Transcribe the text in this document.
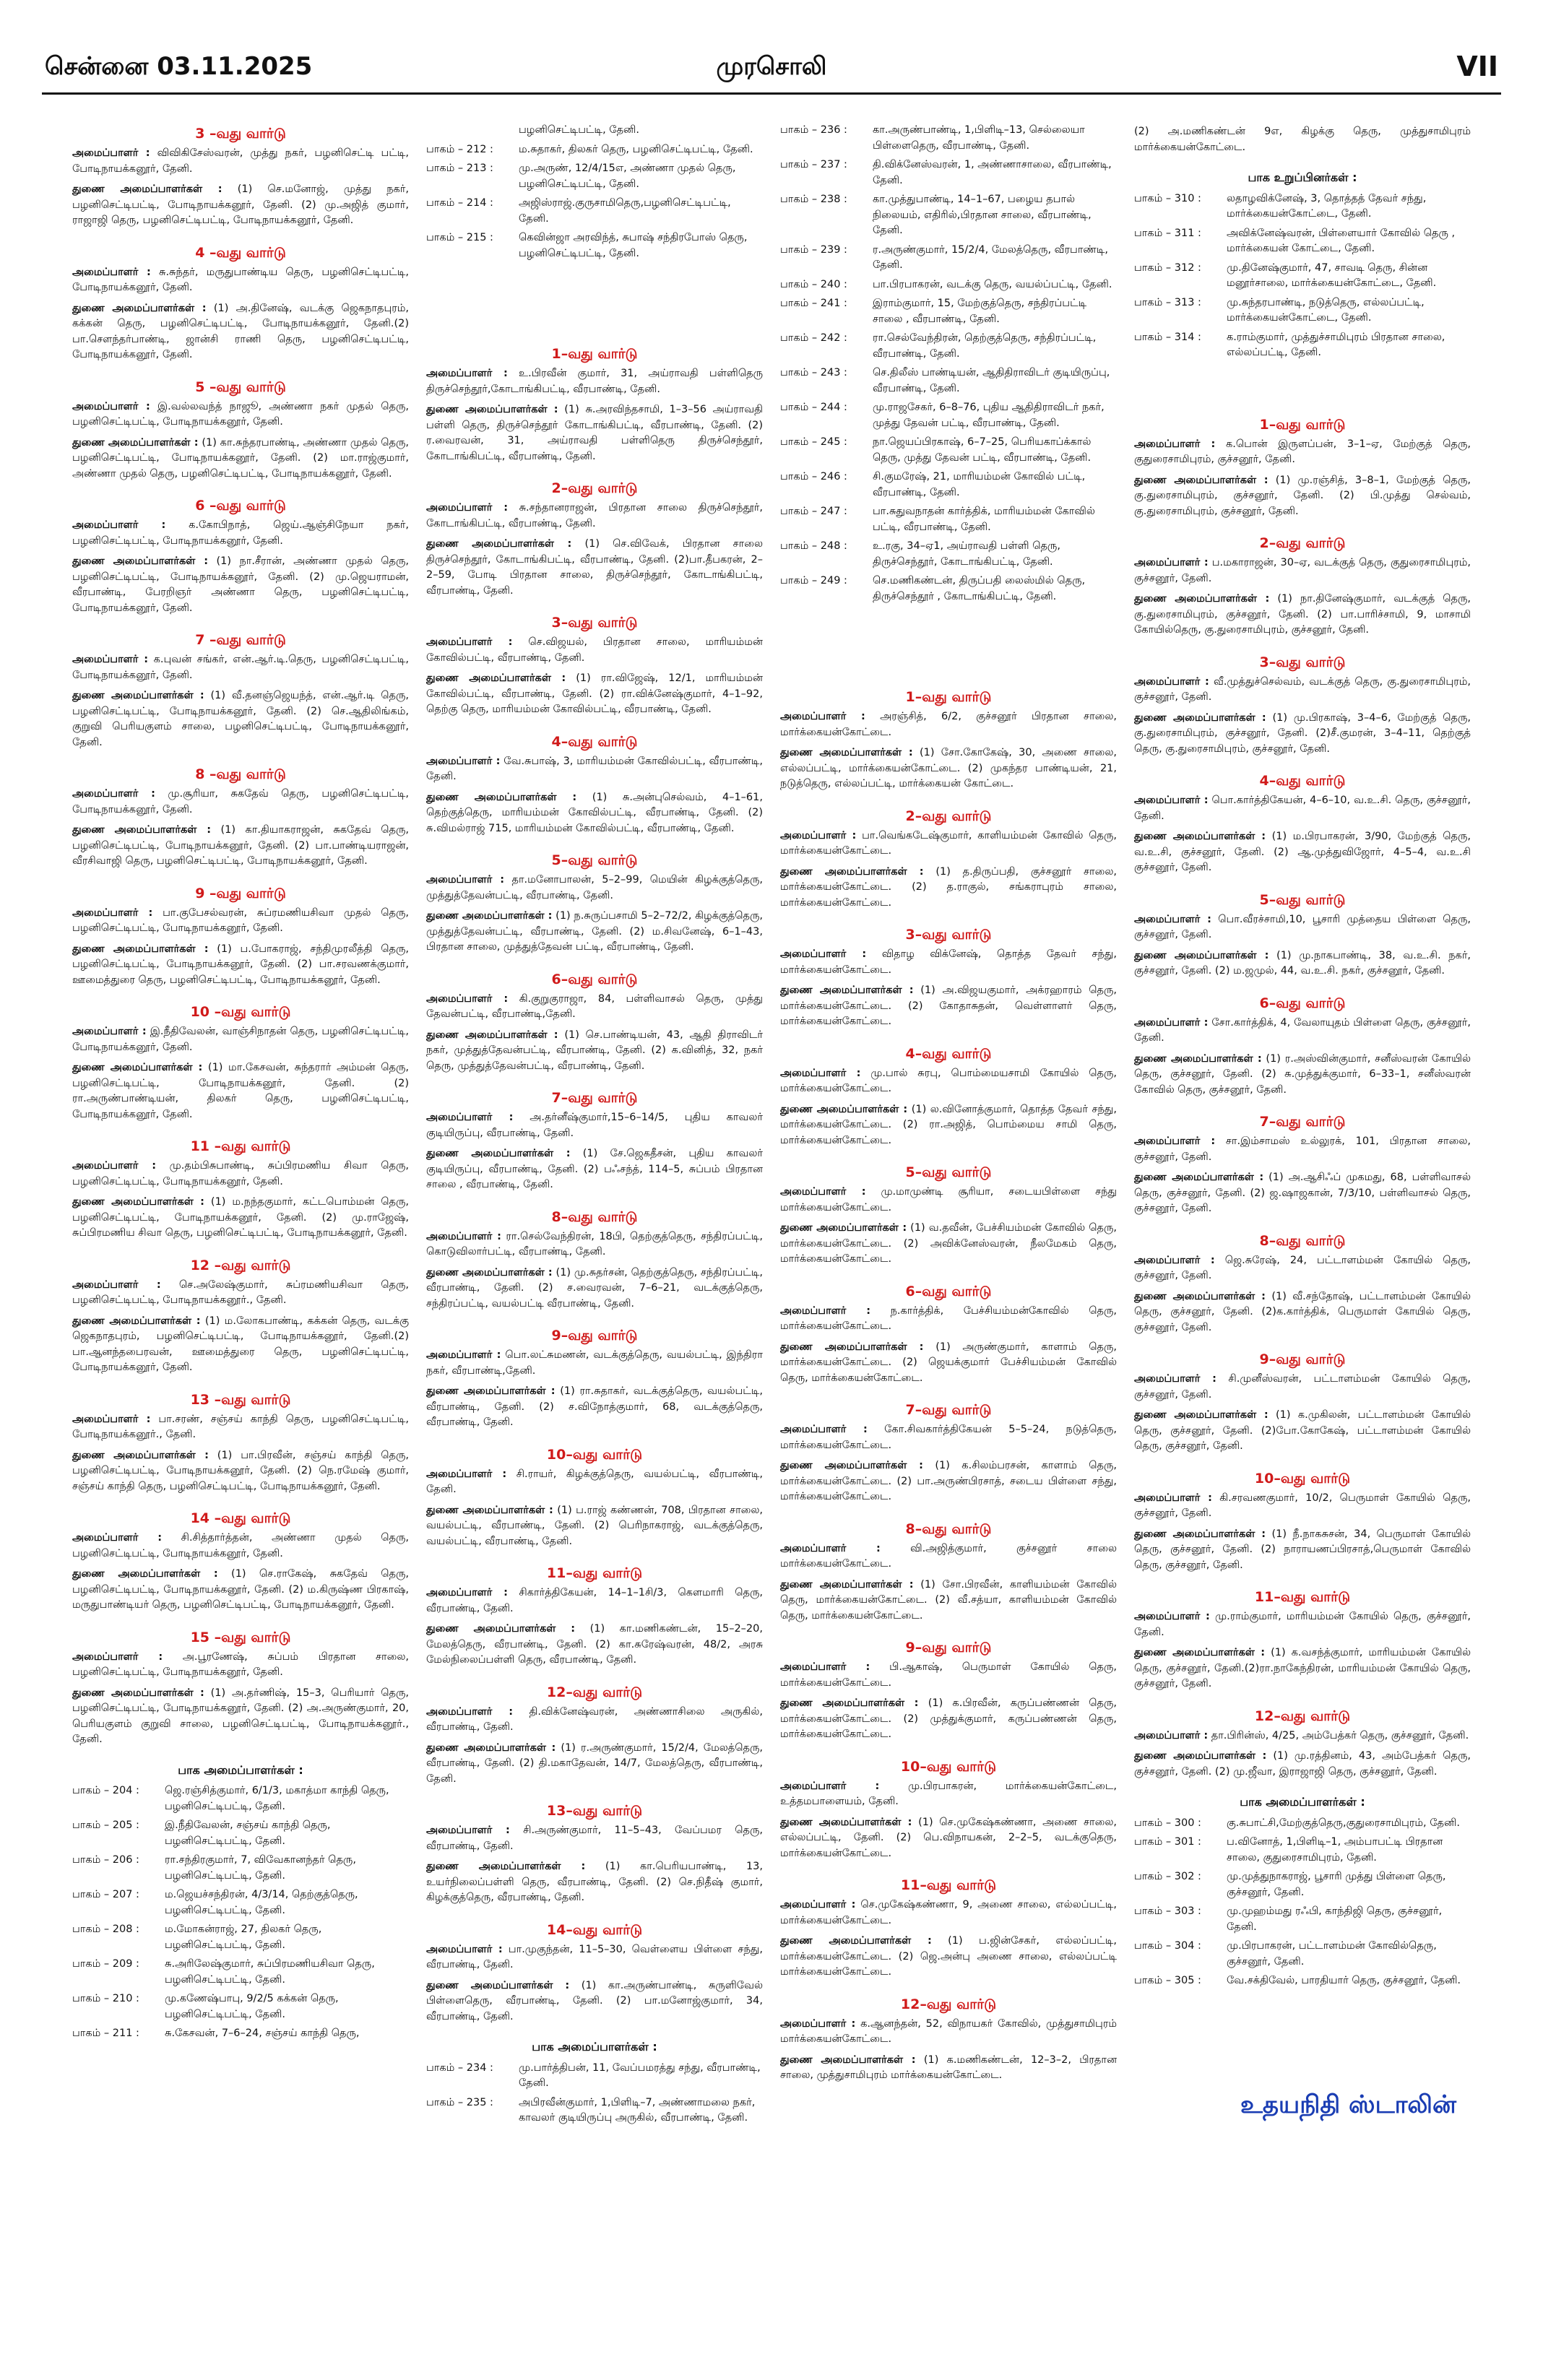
சென்னை 03.11.2025	முரசொலி	VII
3 –வது வார்டு
அமைப்பாளர் : விவிகிசேஸ்வரன், முத்து நகர், பழனிசெட்டி பட்டி, போடிநாயக்கனூர், தேனி.
துணை அமைப்பாளர்கள் : (1) செ.மனோஜ், முத்து நகர், பழனிசெட்டிபட்டி, போடிநாயக்கனூர், தேனி. (2) மு.அஜித் குமார், ராஜாஜி தெரு, பழனிசெட்டிபட்டி, போடிநாயக்கனூர், தேனி.
4 –வது வார்டு
அமைப்பாளர் : சு.சுந்தர், மருதுபாண்டிய தெரு, பழனிசெட்டிபட்டி, போடிநாயக்கனூர், தேனி.
துணை அமைப்பாளர்கள் : (1) அ.தினேஷ், வடக்கு ஜெகநாதபுரம், கக்கன் தெரு, பழனிசெட்டிபட்டி, போடிநாயக்கனூர், தேனி.(2) பா.செளந்தர்பாண்டி, ஜான்சி ராணி தெரு, பழனிசெட்டிபட்டி, போடிநாயக்கனூர், தேனி.
5 –வது வார்டு
அமைப்பாளர் : இ.வல்லவந்த் நாஜூ, அண்ணா நகர் முதல் தெரு, பழனிசெட்டிபட்டி, போடிநாயக்கனூர், தேனி.
துணை அமைப்பாளர்கள் : (1) கா.சுந்தரபாண்டி, அண்ணா முதல் தெரு, பழனிசெட்டிபட்டி, போடிநாயக்கனூர், தேனி. (2) மா.ராஜ்குமார், அண்ணா முதல் தெரு, பழனிசெட்டிபட்டி, போடிநாயக்கனூர், தேனி.
6 –வது வார்டு
அமைப்பாளர் : க.கோபிநாத், ஜெய்.ஆஞ்சிநேயா நகர், பழனிசெட்டிபட்டி, போடிநாயக்கனூர், தேனி.
துணை அமைப்பாளர்கள் : (1) நா.சீரான், அண்ணா முதல் தெரு, பழனிசெட்டிபட்டி, போடிநாயக்கனூர், தேனி. (2) மு.ஜெயராமன், வீரபாண்டி, பேரறிஞர் அண்ணா தெரு, பழனிசெட்டிபட்டி, போடிநாயக்கனூர், தேனி.
7 –வது வார்டு
அமைப்பாளர் : க.புவன் சங்கர், என்.ஆர்.டி.தெரு, பழனிசெட்டிபட்டி, போடிநாயக்கனூர், தேனி.
துணை அமைப்பாளர்கள் : (1) வீ.தனஞ்ஜெயந்த், என்.ஆர்.டி தெரு, பழனிசெட்டிபட்டி, போடிநாயக்கனூர், தேனி. (2) செ.ஆதிலிங்கம், குறுவி பெரியகுளம் சாலை, பழனிசெட்டிபட்டி, போடிநாயக்கனூர், தேனி.
8 –வது வார்டு
அமைப்பாளர் : மு.சூரியா, சுகதேவ் தெரு, பழனிசெட்டிபட்டி, போடிநாயக்கனூர், தேனி.
துணை அமைப்பாளர்கள் : (1) கா.தியாகராஜன், சுகதேவ் தெரு, பழனிசெட்டிபட்டி, போடிநாயக்கனூர், தேனி. (2) பா.பாண்டியராஜன், வீரசிவாஜி தெரு, பழனிசெட்டிபட்டி, போடிநாயக்கனூர், தேனி.
9 –வது வார்டு
அமைப்பாளர் : பா.குபேசல்வரன், சுப்ரமணியசிவா முதல் தெரு, பழனிசெட்டிபட்டி, போடிநாயக்கனூர், தேனி.
துணை அமைப்பாளர்கள் : (1) ப.போகராஜ், சந்திமுரலீத்தி தெரு, பழனிசெட்டிபட்டி, போடிநாயக்கனூர், தேனி. (2) பா.சரவணக்குமார், ஊமைத்துரை தெரு, பழனிசெட்டிபட்டி, போடிநாயக்கனூர், தேனி.
10 –வது வார்டு
அமைப்பாளர் : இ.நீதிவேலன், வாஞ்சிநாதன் தெரு, பழனிசெட்டிபட்டி, போடிநாயக்கனூர், தேனி.
துணை அமைப்பாளர்கள் : (1) மா.கேசவன், சுந்தரார் அம்மன் தெரு, பழனிசெட்டிபட்டி, போடிநாயக்கனூர், தேனி. (2) ரா.அருண்பாண்டியன், திலகர் தெரு, பழனிசெட்டிபட்டி, போடிநாயக்கனூர், தேனி.
11 –வது வார்டு
அமைப்பாளர் : மு.தம்பிசுபாண்டி, சுப்பிரமணிய சிவா தெரு, பழனிசெட்டிபட்டி, போடிநாயக்கனூர், தேனி.
துணை அமைப்பாளர்கள் : (1) ம.நந்தகுமார், கட்டபொம்மன் தெரு, பழனிசெட்டிபட்டி, போடிநாயக்கனூர், தேனி. (2) மு.ராஜேஷ், சுப்பிரமணிய சிவா தெரு, பழனிசெட்டிபட்டி, போடிநாயக்கனூர், தேனி.
12 –வது வார்டு
அமைப்பாளர் : செ.அலேஷ்குமார், சுப்ரமணியசிவா தெரு, பழனிசெட்டிபட்டி, போடிநாயக்கனூர்., தேனி.
துணை அமைப்பாளர்கள் : (1) ம.லோகபாண்டி, கக்கன் தெரு, வடக்கு ஜெகநாதபுரம், பழனிசெட்டிபட்டி, போடிநாயக்கனூர், தேனி.(2) பா.ஆனந்தபைரவன், ஊமைத்துரை தெரு, பழனிசெட்டிபட்டி, போடிநாயக்கனூர், தேனி.
13 –வது வார்டு
அமைப்பாளர் : பா.சரண், சஞ்சய் காந்தி தெரு, பழனிசெட்டிபட்டி, போடிநாயக்கனூர்., தேனி.
துணை அமைப்பாளர்கள் : (1) பா.பிரவீன், சஞ்சய் காந்தி தெரு, பழனிசெட்டிபட்டி, போடிநாயக்கனூர், தேனி. (2) நெ.ரமேஷ் குமார், சஞ்சய் காந்தி தெரு, பழனிசெட்டிபட்டி, போடிநாயக்கனூர், தேனி.
14 –வது வார்டு
அமைப்பாளர் : சி.சித்தார்த்தன், அண்ணா முதல் தெரு, பழனிசெட்டிபட்டி, போடிநாயக்கனூர், தேனி.
துணை அமைப்பாளர்கள் : (1) செ.ராகேஷ், சுகதேவ் தெரு, பழனிசெட்டிபட்டி, போடிநாயக்கனூர், தேனி. (2) ம.கிருஷ்ண பிரகாஷ், மருதுபாண்டியர் தெரு, பழனிசெட்டிபட்டி, போடிநாயக்கனூர், தேனி.
15 –வது வார்டு
அமைப்பாளர் : அ.பூரணேஷ், சுப்பம் பிரதான சாலை, பழனிசெட்டிபட்டி, போடிநாயக்கனூர், தேனி.
துணை அமைப்பாளர்கள் : (1) அ.தர்ணிஷ், 15–3, பெரியார் தெரு, பழனிசெட்டிபட்டி, போடிநாயக்கனூர், தேனி. (2) அ.அருண்குமார், 20, பெரியகுளம் குறுவி சாலை, பழனிசெட்டிபட்டி, போடிநாயக்கனூர்., தேனி.
பாக அமைப்பாளர்கள் :
பாகம் – 204 :	ஜெ.ரஞ்சித்குமார், 6/1/3, மகாத்மா காந்தி தெரு, பழனிசெட்டிபட்டி, தேனி.
பாகம் – 205 :	இ.நீதிவேலன், சஞ்சய் காந்தி தெரு, பழனிசெட்டிபட்டி, தேனி.
பாகம் – 206 :	ரா.சந்திரகுமார், 7, விவேகானந்தர் தெரு, பழனிசெட்டிபட்டி, தேனி.
பாகம் – 207 :	ம.ஜெயச்சந்திரன், 4/3/14, தெற்குத்தெரு, பழனிசெட்டிபட்டி, தேனி.
பாகம் – 208 :	ம.மோகன்ராஜ், 27, திலகர் தெரு, பழனிசெட்டிபட்டி, தேனி.
பாகம் – 209 :	சு.அரிலேஷ்குமார், சுப்பிரமணியசிவா தெரு, பழனிசெட்டிபட்டி, தேனி.
பாகம் – 210 :	மு.கணேஷ்பாபு, 9/2/5 கக்கன் தெரு, பழனிசெட்டிபட்டி, தேனி.
பாகம் – 211 :	சு.கேசவன், 7–6–24, சஞ்சய் காந்தி தெரு,
பழனிசெட்டிபட்டி, தேனி.
பாகம் – 212 :	ம.சுதாகர், திலகர் தெரு, பழனிசெட்டிபட்டி, தேனி.
பாகம் – 213 :	மு.அருண், 12/4/15எ, அண்ணா முதல் தெரு, பழனிசெட்டிபட்டி, தேனி.
பாகம் – 214 :	அஜிஸ்ராஜ்.குருசாமிதெரு,பழனிசெட்டிபட்டி, தேனி.
பாகம் – 215 :	கெவின்ஜா அரவிந்த், சுபாஷ் சந்திரபோஸ் தெரு, பழனிசெட்டிபட்டி, தேனி.
1–வது வார்டு
அமைப்பாளர் : உ.பிரவீன் குமார், 31, அய்ராவதி பள்ளிதெரு திருச்செந்தூர்,கோடாங்கிபட்டி, வீரபாண்டி, தேனி.
துணை அமைப்பாளர்கள் : (1) சு.அரவிந்தசாமி, 1–3–56 அய்ராவதி பள்ளி தெரு, திருச்செந்தூர் கோடாங்கிபட்டி, வீரபாண்டி, தேனி. (2) ர.வைரவன், 31, அய்ராவதி பள்ளிதெரு திருச்செந்தூர், கோடாங்கிபட்டி, வீரபாண்டி, தேனி.
2–வது வார்டு
அமைப்பாளர் : சு.சந்தானராஜன், பிரதான சாலை திருச்செந்தூர், கோடாங்கிபட்டி, வீரபாண்டி, தேனி.
துணை அமைப்பாளர்கள் : (1) செ.விவேக், பிரதான சாலை திருச்செந்தூர், கோடாங்கிபட்டி, வீரபாண்டி, தேனி. (2)பா.தீபகரன், 2–2–59, போடி பிரதான சாலை, திருச்செந்தூர், கோடாங்கிபட்டி, வீரபாண்டி, தேனி.
3–வது வார்டு
அமைப்பாளர் : செ.விஜயல், பிரதான சாலை, மாரியம்மன் கோவில்பட்டி, வீரபாண்டி, தேனி.
துணை அமைப்பாளர்கள் : (1) ரா.விஜேஷ், 12/1, மாரியம்மன் கோவில்பட்டி, வீரபாண்டி, தேனி. (2) ரா.விக்னேஷ்குமார், 4–1–92, தெற்கு தெரு, மாரியம்மன் கோவில்பட்டி, வீரபாண்டி, தேனி.
4–வது வார்டு
அமைப்பாளர் : வே.சுபாஷ், 3, மாரியம்மன் கோவில்பட்டி, வீரபாண்டி, தேனி.
துணை அமைப்பாளர்கள் : (1) சு.அன்புசெல்வம், 4–1–61, தெற்குத்தெரு, மாரியம்மன் கோவில்பட்டி, வீரபாண்டி, தேனி. (2) சு.விமல்ராஜ் 715, மாரியம்மன் கோவில்பட்டி, வீரபாண்டி, தேனி.
5–வது வார்டு
அமைப்பாளர் : தா.மனோபாலன், 5–2–99, மெயின் கிழக்குத்தெரு, முத்துத்தேவன்பட்டி, வீரபாண்டி, தேனி.
துணை அமைப்பாளர்கள் : (1) ந.சுருப்பசாமி 5–2–72/2, கிழக்குத்தெரு, முத்துத்தேவன்பட்டி, வீரபாண்டி, தேனி. (2) ம.சிவனேஷ், 6–1–43, பிரதான சாலை, முத்துத்தேவன் பட்டி, வீரபாண்டி, தேனி.
6–வது வார்டு
அமைப்பாளர் : கி.குறுகுராஜா, 84, பள்ளிவாசல் தெரு, முத்து தேவன்பட்டி, வீரபாண்டி,தேனி.
துணை அமைப்பாளர்கள் : (1) செ.பாண்டியன், 43, ஆதி திராவிடர் நகர், முத்துத்தேவன்பட்டி, வீரபாண்டி, தேனி. (2) க.வினித், 32, நகர் தெரு, முத்துத்தேவன்பட்டி, வீரபாண்டி, தேனி.
7–வது வார்டு
அமைப்பாளர் : அ.தர்னீஷ்குமார்,15–6–14/5, புதிய காவலர் குடியிருப்பு, வீரபாண்டி, தேனி.
துணை அமைப்பாளர்கள் : (1) சே.ஜெகதீசன், புதிய காவலர் குடியிருப்பு, வீரபாண்டி, தேனி. (2) பஃசந்த், 114–5, சுப்பம் பிரதான சாலை , வீரபாண்டி, தேனி.
8–வது வார்டு
அமைப்பாளர் : ரா.செல்வேந்திரன், 18பி, தெற்குத்தெரு, சந்திரப்பட்டி, கொடுவிலார்பட்டி, வீரபாண்டி, தேனி.
துணை அமைப்பாளர்கள் : (1) மு.சுதர்சன், தெற்குத்தெரு, சந்திரப்பட்டி, வீரபாண்டி, தேனி. (2) ச.வைரவன், 7–6–21, வடக்குத்தெரு, சந்திரப்பட்டி, வயல்பட்டி வீரபாண்டி, தேனி.
9–வது வார்டு
அமைப்பாளர் : பொ.லட்சுமணன், வடக்குத்தெரு, வயல்பட்டி, இந்திரா நகர், வீரபாண்டி,தேனி.
துணை அமைப்பாளர்கள் : (1) ரா.சுதாகர், வடக்குத்தெரு, வயல்பட்டி, வீரபாண்டி, தேனி. (2) ச.விநோத்குமார், 68, வடக்குத்தெரு, வீரபாண்டி, தேனி.
10–வது வார்டு
அமைப்பாளர் : சி.ராயர், கிழக்குத்தெரு, வயல்பட்டி, வீரபாண்டி, தேனி.
துணை அமைப்பாளர்கள் : (1) ப.ராஜ் கண்ணன், 708, பிரதான சாலை, வயல்பட்டி, வீரபாண்டி, தேனி. (2) பெரிநாகராஜ், வடக்குத்தெரு, வயல்பட்டி, வீரபாண்டி, தேனி.
11–வது வார்டு
அமைப்பாளர் : சிகார்த்திகேயன், 14–1–1சி/3, கௌமாரி தெரு, வீரபாண்டி, தேனி.
துணை அமைப்பாளர்கள் : (1) கா.மணிகண்டன், 15–2–20, மேலத்தெரு, வீரபாண்டி, தேனி. (2) கா.சுரேஷ்வரன், 48/2, அரசு மேல்நிலைப்பள்ளி தெரு, வீரபாண்டி, தேனி.
12–வது வார்டு
அமைப்பாளர் : தி.விக்னேஷ்வரன், அண்ணாசிலை அருகில், வீரபாண்டி, தேனி.
துணை அமைப்பாளர்கள் : (1) ர.அருண்குமார், 15/2/4, மேலத்தெரு, வீரபாண்டி, தேனி. (2) தி.மகாதேவன், 14/7, மேலத்தெரு, வீரபாண்டி, தேனி.
13–வது வார்டு
அமைப்பாளர் : சி.அருண்குமார், 11–5–43, வேப்பமர தெரு, வீரபாண்டி, தேனி.
துணை அமைப்பாளர்கள் : (1) கா.பெரியபாண்டி, 13, உயர்நிலைப்பள்ளி தெரு, வீரபாண்டி, தேனி. (2) செ.நிதீஷ் குமார், கிழக்குத்தெரு, வீரபாண்டி, தேனி.
14–வது வார்டு
அமைப்பாளர் : பா.முகுந்தன், 11–5–30, வெள்ளைய பிள்ளை சந்து, வீரபாண்டி, தேனி.
துணை அமைப்பாளர்கள் : (1) கா.அருண்பாண்டி, சுருளிவேல் பிள்ளைதெரு, வீரபாண்டி, தேனி. (2) பா.மனோஜ்குமார், 34, வீரபாண்டி, தேனி.
பாக அமைப்பாளர்கள் :
பாகம் – 234 :	மு.பார்த்திபன், 11, வேப்பமரத்து சந்து, வீரபாண்டி, தேனி.
பாகம் – 235 :	அபிரவீன்குமார், 1,பிளிடி–7, அண்ணாமலை நகர், காவலர் குடியிருப்பு அருகில், வீரபாண்டி, தேனி.
பாகம் – 236 :	கா.அருண்பாண்டி, 1,பிளிடி–13, செல்லையா பிள்ளைதெரு, வீரபாண்டி, தேனி.
பாகம் – 237 :	தி.விக்னேஸ்வரன், 1, அண்ணாசாலை, வீரபாண்டி, தேனி.
பாகம் – 238 :	கா.முத்துபாண்டி, 14–1–67, பழைய தபால் நிலையம், எதிரில்,பிரதான சாலை, வீரபாண்டி, தேனி.
பாகம் – 239 :	ர.அருண்குமார், 15/2/4, மேலத்தெரு, வீரபாண்டி, தேனி.
பாகம் – 240 :	பா.பிரபாகரன், வடக்கு தெரு, வயல்ப்பட்டி, தேனி.
பாகம் – 241 :	இராம்குமார், 15, மேற்குத்தெரு, சந்திரப்பட்டி சாலை , வீரபாண்டி, தேனி.
பாகம் – 242 :	ரா.செல்வேந்திரன், தெற்குத்தெரு, சந்திரப்பட்டி, வீரபாண்டி, தேனி.
பாகம் – 243 :	செ.திலீஸ் பாண்டியன், ஆதிதிராவிடர் குடியிருப்பு, வீரபாண்டி, தேனி.
பாகம் – 244 :	மு.ராஜசேகர், 6–8–76, புதிய ஆதிதிராவிடர் நகர், முத்து தேவன் பட்டி, வீரபாண்டி, தேனி.
பாகம் – 245 :	நா.ஜெயப்பிரகாஷ், 6–7–25, பெரியகாப்க்கால் தெரு, முத்து தேவன் பட்டி, வீரபாண்டி, தேனி.
பாகம் – 246 :	சி.குமரேஷ், 21, மாரியம்மன் கோவில் பட்டி, வீரபாண்டி, தேனி.
பாகம் – 247 :	பா.சுதுவநாதன் கார்த்திக், மாரியம்மன் கோவில் பட்டி, வீரபாண்டி, தேனி.
பாகம் – 248 :	உ.ரகு, 34–ஏ1, அய்ராவதி பள்ளி தெரு, திருச்செந்தூர், கோடாங்கிபட்டி, தேனி.
பாகம் – 249 :	செ.மணிகண்டன், திருப்பதி லைஸ்மில் தெரு, திருச்செந்தூர் , கோடாங்கிபட்டி, தேனி.
1–வது வார்டு
அமைப்பாளர் : அரஞ்சித், 6/2, குச்சனூர் பிரதான சாலை, மார்க்கையன்கோட்டை.
துணை அமைப்பாளர்கள் : (1) சோ.கோகேஷ், 30, அணை சாலை, எல்லப்பட்டி, மார்க்கையன்கோட்டை. (2) முகந்தர பாண்டியன், 21, நடுத்தெரு, எல்லப்பட்டி, மார்க்கையன் கோட்டை.
2–வது வார்டு
அமைப்பாளர் : பா.வெங்கடேஷ்குமார், காளியம்மன் கோவில் தெரு, மார்க்கையன்கோட்டை.
துணை அமைப்பாளர்கள் : (1) த.திருப்பதி, குச்சனூர் சாலை, மார்க்கையன்கோட்டை. (2) த.ராகுல், சங்கராபுரம் சாலை, மார்க்கையன்கோட்டை.
3–வது வார்டு
அமைப்பாளர் : விதாழ விக்னேஷ், தொத்த தேவர் சந்து, மார்க்கையன்கோட்டை.
துணை அமைப்பாளர்கள் : (1) அ.விஜயகுமார், அக்ரஹாரம் தெரு, மார்க்கையன்கோட்டை. (2) கோதாசுதன், வெள்ளாளர் தெரு, மார்க்கையன்கோட்டை.
4–வது வார்டு
அமைப்பாளர் : மு.பால் சுரபு, பொம்மையசாமி கோயில் தெரு, மார்க்கையன்கோட்டை.
துணை அமைப்பாளர்கள் : (1) ல.வினோத்குமார், தொத்த தேவர் சந்து, மார்க்கையன்கோட்டை. (2) ரா.அஜித், பொம்மைய சாமி தெரு, மார்க்கையன்கோட்டை.
5–வது வார்டு
அமைப்பாளர் : மு.மாமுண்டி சூரியா, சடையபிள்ளை சந்து மார்க்கையன்கோட்டை.
துணை அமைப்பாளர்கள் : (1) வ.தவீன், பேச்சியம்மன் கோவில் தெரு, மார்க்கையன்கோட்டை. (2) அவிக்னேஸ்வரன், நீலமேகம் தெரு, மார்க்கையன்கோட்டை.
6–வது வார்டு
அமைப்பாளர் : ந.கார்த்திக், பேச்சியம்மன்கோவில் தெரு, மார்க்கையன்கோட்டை.
துணை அமைப்பாளர்கள் : (1) அருண்குமார், காளாம் தெரு, மார்க்கையன்கோட்டை. (2) ஜெயக்குமார் பேச்சியம்மன் கோவில் தெரு, மார்க்கையன்கோட்டை.
7–வது வார்டு
அமைப்பாளர் : கோ.சிவகார்த்திகேயன் 5–5–24, நடுத்தெரு, மார்க்கையன்கோட்டை.
துணை அமைப்பாளர்கள் : (1) க.சிலம்பரசன், காளாம் தெரு, மார்க்கையன்கோட்டை. (2) பா.அருண்பிரசாத், சடைய பிள்ளை சந்து, மார்க்கையன்கோட்டை.
8–வது வார்டு
அமைப்பாளர் :	வி.அஜித்குமார், குச்சனூர் சாலை மார்க்கையன்கோட்டை.
துணை அமைப்பாளர்கள் : (1) சோ.பிரவீன், காளியம்மன் கோவில் தெரு, மார்க்கையன்கோட்டை. (2) வீ.சத்யா, காளியம்மன் கோவில் தெரு, மார்க்கையன்கோட்டை.
9–வது வார்டு
அமைப்பாளர் : பி.ஆகாஷ், பெருமாள் கோயில் தெரு, மார்க்கையன்கோட்டை.
துணை அமைப்பாளர்கள் : (1) க.பிரவீன், கருப்பண்ணன் தெரு, மார்க்கையன்கோட்டை. (2) முத்துக்குமார், கருப்பண்ணன் தெரு, மார்க்கையன்கோட்டை.
10–வது வார்டு
அமைப்பாளர் :	மு.பிரபாகரன், மார்க்கையன்கோட்டை, உத்தமபாளையம், தேனி.
துணை அமைப்பாளர்கள் : (1) செ.முகேஷ்கண்ணா, அணை சாலை, எல்லப்பட்டி, தேனி. (2) பெ.விநாயகன், 2–2–5, வடக்குதெரு, மார்க்கையன்கோட்டை.
11–வது வார்டு
அமைப்பாளர் : செ.முகேஷ்கண்ணா, 9, அணை சாலை, எல்லப்பட்டி, மார்க்கையன்கோட்டை.
துணை அமைப்பாளர்கள் : (1) ப.ஜின்சேகர், எல்லப்பட்டி, மார்க்கையன்கோட்டை. (2) ஜெ.அன்பு அணை சாலை, எல்லப்பட்டி மார்க்கையன்கோட்டை.
12–வது வார்டு
அமைப்பாளர் : க.ஆனந்தன், 52, விநாயகர் கோவில், முத்துசாமிபுரம் மார்க்கையன்கோட்டை.
துணை அமைப்பாளர்கள் : (1) க.மணிகண்டன், 12–3–2, பிரதான சாலை, முத்துசாமிபுரம் மார்க்கையன்கோட்டை.
(2) அ.மணிகண்டன் 9எ, கிழக்கு தெரு, முத்துசாமிபுரம் மார்க்கையன்கோட்டை.
பாக உறுப்பினர்கள் :
பாகம் – 310 :	லதாழவிக்னேஷ், 3, தொத்தத் தேவர் சந்து, மார்க்கையன்கோட்டை, தேனி.
பாகம் – 311 :	அவிக்னேஷ்வரன், பிள்ளையார் கோவில் தெரு , மார்க்கையன் கோட்டை, தேனி.
பாகம் – 312 :	மு.தினேஷ்குமார், 47, சாவடி தெரு, சின்ன மனூர்சாலை, மார்க்கையன்கோட்டை, தேனி.
பாகம் – 313 :	மு.சுந்தரபாண்டி, நடுத்தெரு, எல்லப்பட்டி, மார்க்கையன்கோட்டை, தேனி.
பாகம் – 314 :	க.ராம்குமார், முத்துச்சாமிபுரம் பிரதான சாலை, எல்லப்பட்டி, தேனி.
1–வது வார்டு
அமைப்பாளர் : க.பொன் இருளப்பன், 3–1–ஏ, மேற்குத் தெரு, குதுரைசாமிபுரம், குச்சனூர், தேனி.
துணை அமைப்பாளர்கள் : (1) மு.ரஞ்சித், 3–8–1, மேற்குத் தெரு, கு.துரைசாமிபுரம், குச்சனூர், தேனி. (2) பி.முத்து செல்வம், கு.துரைசாமிபுரம், குச்சனூர், தேனி.
2–வது வார்டு
அமைப்பாளர் : ப.மகாராஜன், 30–ஏ, வடக்குத் தெரு, குதுரைசாமிபுரம், குச்சனூர், தேனி.
துணை அமைப்பாளர்கள் : (1) நா.தினேஷ்குமார், வடக்குத் தெரு, கு.துரைசாமிபுரம், குச்சனூர், தேனி. (2) பா.பாரிச்சாமி, 9, மாசாமி கோயில்தெரு, கு.துரைசாமிபுரம், குச்சனூர், தேனி.
3–வது வார்டு
அமைப்பாளர் : வீ.முத்துச்செல்வம், வடக்குத் தெரு, கு.துரைசாமிபுரம், குச்சனூர், தேனி.
துணை அமைப்பாளர்கள் : (1) மு.பிரகாஷ், 3–4–6, மேற்குத் தெரு, கு.துரைசாமிபுரம், குச்சனூர், தேனி. (2)சீ.குமரன், 3–4–11, தெற்குத் தெரு, கு.துரைசாமிபுரம், குச்சனூர், தேனி.
4–வது வார்டு
அமைப்பாளர் : பொ.கார்த்திகேயன், 4–6–10, வ.உ.சி. தெரு, குச்சனூர், தேனி.
துணை அமைப்பாளர்கள் : (1) ம.பிரபாகரன், 3/90, மேற்குத் தெரு, வ.உ.சி, குச்சனூர், தேனி. (2) ஆ.முத்துவிஜோர், 4–5–4, வ.உ.சி குச்சனூர், தேனி.
5–வது வார்டு
அமைப்பாளர் : பொ.வீரச்சாமி,10, பூசாரி முத்தைய பிள்ளை தெரு, குச்சனூர், தேனி.
துணை அமைப்பாளர்கள் : (1) மு.நாகபாண்டி, 38, வ.உ.சி. நகர், குச்சனூர், தேனி. (2) ம.ஜமுல், 44, வ.உ.சி. நகர், குச்சனூர், தேனி.
6–வது வார்டு
அமைப்பாளர் : சோ.கார்த்திக், 4, வேலாயுதம் பிள்ளை தெரு, குச்சனூர், தேனி.
துணை அமைப்பாளர்கள் : (1) ர.அஸ்வின்குமார், சனீஸ்வரன் கோயில் தெரு, குச்சனூர், தேனி. (2) சு.முத்துக்குமார், 6–33–1, சனீஸ்வரன் கோவில் தெரு, குச்சனூர், தேனி.
7–வது வார்டு
அமைப்பாளர் : சா.இம்சாமஸ் உல்லுரக், 101, பிரதான சாலை, குச்சனூர், தேனி.
துணை அமைப்பாளர்கள் : (1) அ.ஆசிஃப் முகமது, 68, பள்ளிவாசல் தெரு, குச்சனூர், தேனி. (2) ஜ.ஷாஜகான், 7/3/10, பள்ளிவாசல் தெரு, குச்சனூர், தேனி.
8–வது வார்டு
அமைப்பாளர் : ஜெ.சுரேஷ், 24, பட்டாளம்மன் கோயில் தெரு, குச்சனூர், தேனி.
துணை அமைப்பாளர்கள் : (1) வீ.சந்தோஷ், பட்டாளம்மன் கோயில் தெரு, குச்சனூர், தேனி. (2)க.கார்த்திக், பெருமாள் கோயில் தெரு, குச்சனூர், தேனி.
9–வது வார்டு
அமைப்பாளர் : சி.முனீஸ்வரன், பட்டாளம்மன் கோயில் தெரு, குச்சனூர், தேனி.
துணை அமைப்பாளர்கள் : (1) க.முகிலன், பட்டாளம்மன் கோயில் தெரு, குச்சனூர், தேனி. (2)போ.கோகேஷ், பட்டாளம்மன் கோயில் தெரு, குச்சனூர், தேனி.
10–வது வார்டு
அமைப்பாளர் : கி.சரவணகுமார், 10/2, பெருமாள் கோயில் தெரு, குச்சனூர், தேனி.
துணை அமைப்பாளர்கள் : (1) நீ.நாகசுசன், 34, பெருமாள் கோயில் தெரு, குச்சனூர், தேனி. (2) நாராயணப்பிரசாத்,பெருமாள் கோவில் தெரு, குச்சனூர், தேனி.
11–வது வார்டு
அமைப்பாளர் : மு.ராம்குமார், மாரியம்மன் கோயில் தெரு, குச்சனூர், தேனி.
துணை அமைப்பாளர்கள் : (1) க.வசந்த்குமார், மாரியம்மன் கோயில் தெரு, குச்சனூர், தேனி.(2)ரா.நாகேந்திரன், மாரியம்மன் கோயில் தெரு, குச்சனூர், தேனி.
12–வது வார்டு
அமைப்பாளர் : தா.பிரின்ஸ், 4/25, அம்பேத்கர் தெரு, குச்சனூர், தேனி.
துணை அமைப்பாளர்கள் : (1) மு.ரத்தினம், 43, அம்பேத்கர் தெரு, குச்சனூர், தேனி. (2) மு.ஜீவா, இராஜாஜி தெரு, குச்சனூர், தேனி.
பாக அமைப்பாளர்கள் :
பாகம் – 300 :	கு.சுபாட்சி,மேற்குத்தெரு,குதுரைசாமிபுரம், தேனி.
பாகம் – 301 :	ப.வினோத், 1,பிளிடி–1, அம்பாபட்டி பிரதான சாலை, குதுரைசாமிபுரம், தேனி.
பாகம் – 302 :	மு.முத்துநாகராஜ், பூசாரி முத்து பிள்ளை தெரு, குச்சனூர், தேனி.
பாகம் – 303 :	மு.முஹம்மது ரஃபி, காந்திஜி தெரு, குச்சனூர், தேனி.
பாகம் – 304 :	மு.பிரபாகரன், பட்டாளம்மன் கோவில்தெரு, குச்சனூர், தேனி.
பாகம் – 305 :	வே.சக்திவேல், பாரதியார் தெரு, குச்சனூர், தேனி.
உதயநிதி ஸ்டாலின்
